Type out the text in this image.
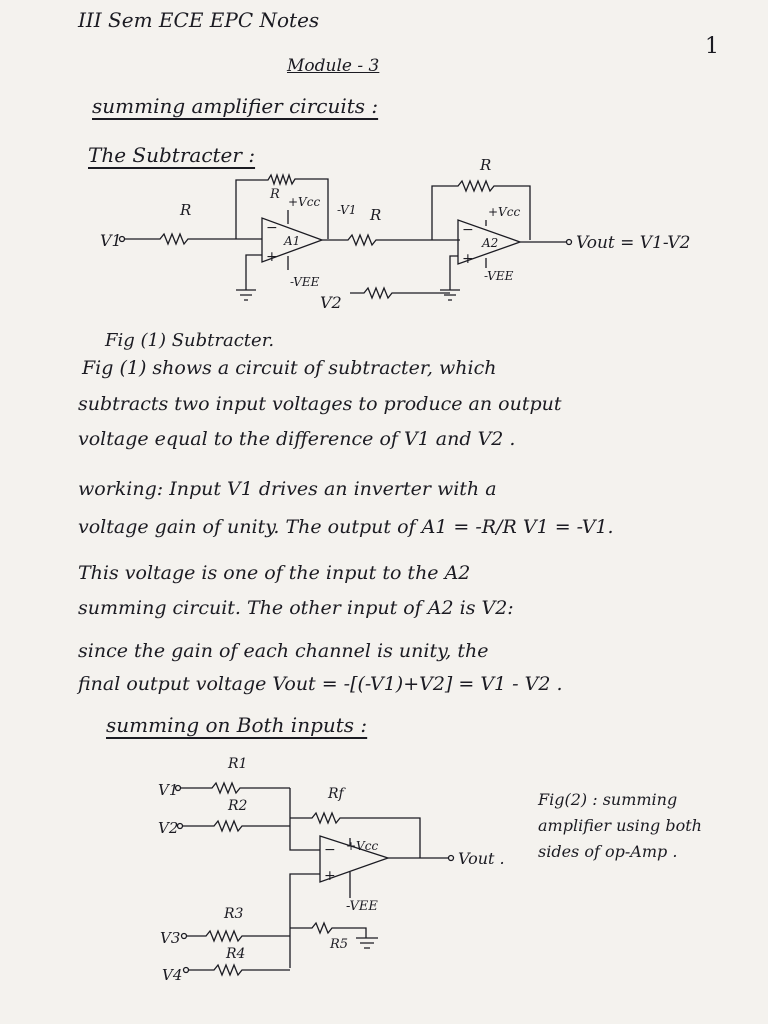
III Sem ECE EPC Notes
1
Module - 3
summing amplifier circuits :
The Subtracter :
V1
R
R
A1
−
+
+Vcc
-VEE
-V1 R
R
A2
−
+
+Vcc
-VEE
V2
Vout = V1-V2
Fig (1) Subtracter.
Fig (1) shows a circuit of subtracter, which
subtracts two input voltages to produce an output
voltage equal to the difference of V1 and V2 .
working: Input V1 drives an inverter with a
voltage gain of unity. The output of A1 = -R/R V1 = -V1.
This voltage is one of the input to the A2
summing circuit. The other input of A2 is V2:
since the gain of each channel is unity, the
final output voltage Vout = -[(-V1)+V2] = V1 - V2 .
summing on Both inputs :
V1
R1
V2
R2
Rf
−
+
+Vcc
-VEE
Vout .
R5
V3
R3
V4
R4
Fig(2) : summing amplifier using both sides of op-Amp .
